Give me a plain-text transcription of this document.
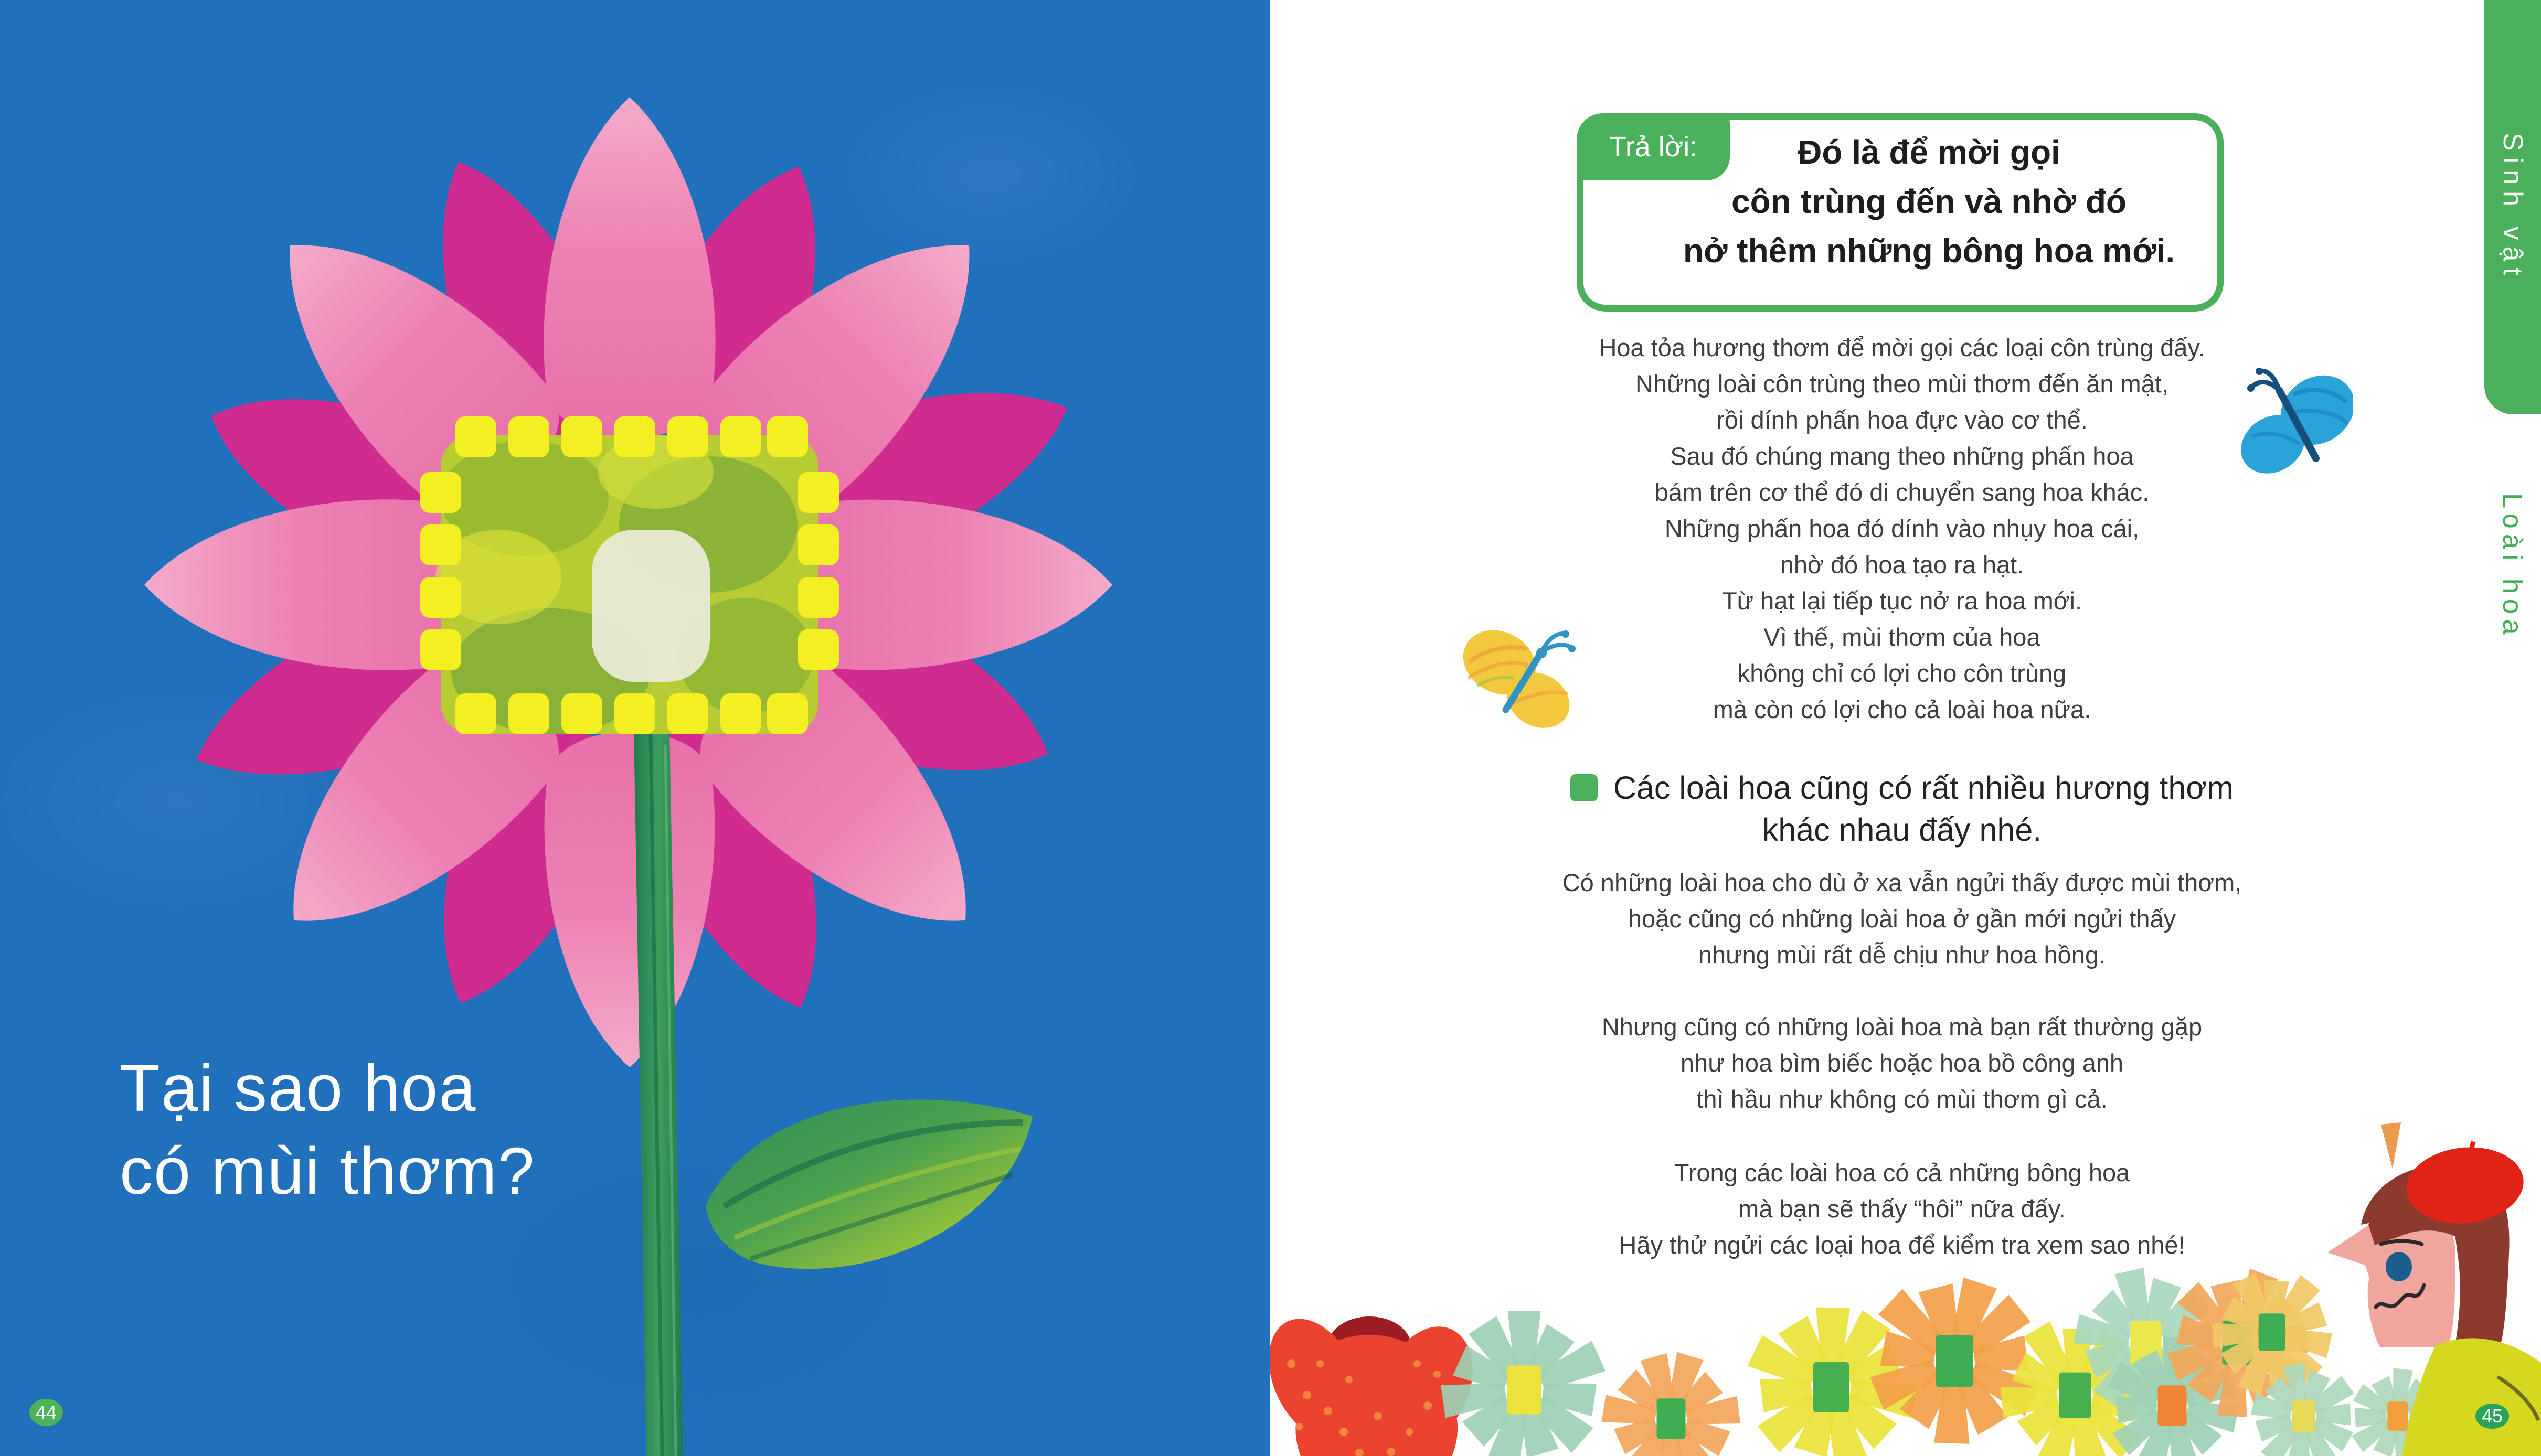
Tại sao hoa
có mùi thơm?
Trả lời:	Đó là để mời gọi
côn trùng đến và nhờ đó
nở thêm những bông hoa mới.
Hoa tỏa hương thơm để mời gọi các loại côn trùng đấy.
Những loài côn trùng theo mùi thơm đến ăn mật,
rồi dính phấn hoa đực vào cơ thể.
Sau đó chúng mang theo những phấn hoa
bám trên cơ thể đó di chuyển sang hoa khác.
Những phấn hoa đó dính vào nhụy hoa cái,
nhờ đó hoa tạo ra hạt.
Từ hạt lại tiếp tục nở ra hoa mới.
Vì thế, mùi thơm của hoa
không chỉ có lợi cho côn trùng
mà còn có lợi cho cả loài hoa nữa.
Các loài hoa cũng có rất nhiều hương thơm
khác nhau đấy nhé.
Có những loài hoa cho dù ở xa vẫn ngửi thấy được mùi thơm,
hoặc cũng có những loài hoa ở gần mới ngửi thấy
nhưng mùi rất dễ chịu như hoa hồng.
Nhưng cũng có những loài hoa mà bạn rất thường gặp
như hoa bìm biếc hoặc hoa bồ công anh
thì hầu như không có mùi thơm gì cả.
Trong các loài hoa có cả những bông hoa
mà bạn sẽ thấy “hôi” nữa đấy.
Hãy thử ngửi các loại hoa để kiểm tra xem sao nhé!
Sinh vật
Loài hoa
44	45
